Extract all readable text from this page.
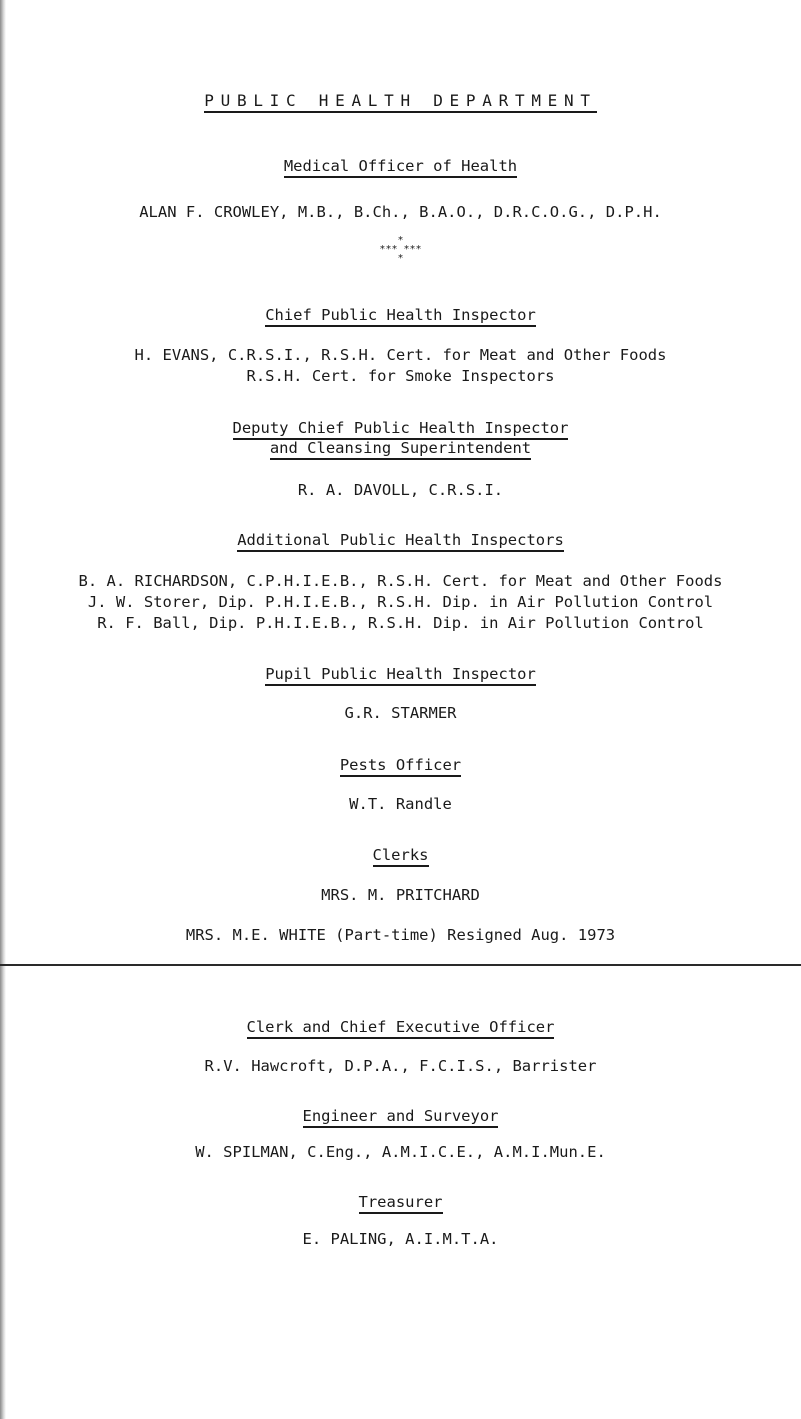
PUBLIC HEALTH DEPARTMENT
Medical Officer of Health
ALAN F. CROWLEY, M.B., B.Ch., B.A.O., D.R.C.O.G., D.P.H.
*
*** ***
*
Chief Public Health Inspector
H. EVANS, C.R.S.I., R.S.H. Cert. for Meat and Other Foods
R.S.H. Cert. for Smoke Inspectors
Deputy Chief Public Health Inspector
and Cleansing Superintendent
R. A. DAVOLL, C.R.S.I.
Additional Public Health Inspectors
B. A. RICHARDSON, C.P.H.I.E.B., R.S.H. Cert. for Meat and Other Foods
J. W. Storer, Dip. P.H.I.E.B., R.S.H. Dip. in Air Pollution Control
R. F. Ball, Dip. P.H.I.E.B., R.S.H. Dip. in Air Pollution Control
Pupil Public Health Inspector
G.R. STARMER
Pests Officer
W.T. Randle
Clerks
MRS. M. PRITCHARD
MRS. M.E. WHITE (Part-time) Resigned Aug. 1973
Clerk and Chief Executive Officer
R.V. Hawcroft, D.P.A., F.C.I.S., Barrister
Engineer and Surveyor
W. SPILMAN, C.Eng., A.M.I.C.E., A.M.I.Mun.E.
Treasurer
E. PALING, A.I.M.T.A.
